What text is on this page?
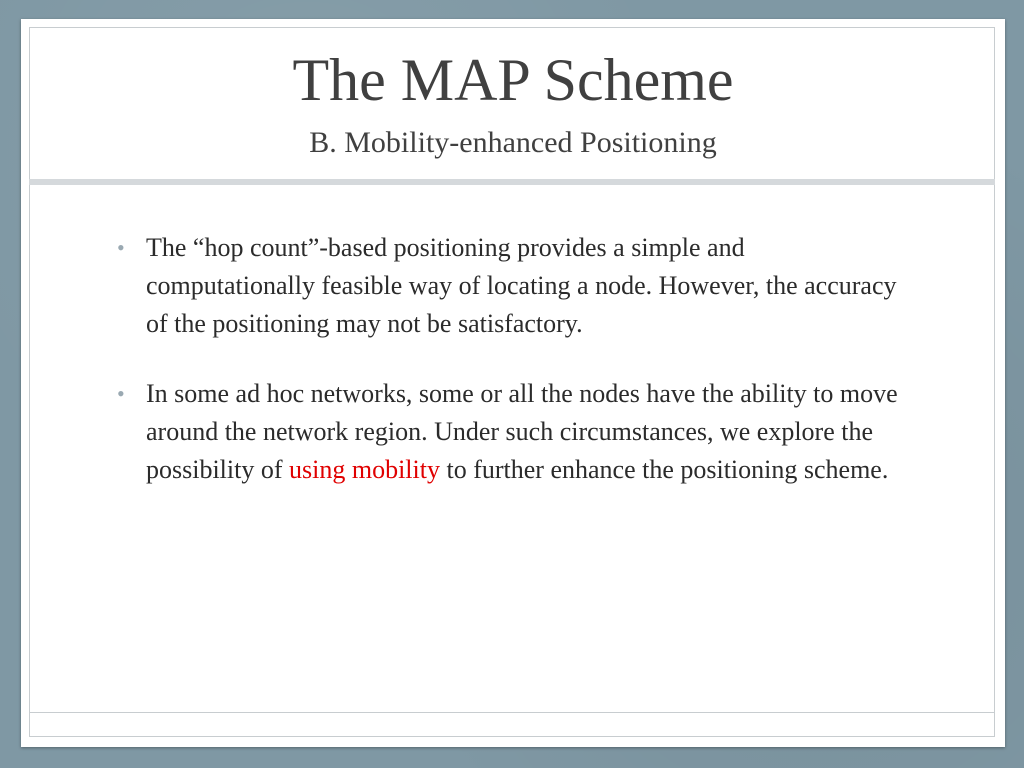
The MAP Scheme
B. Mobility-enhanced Positioning
• The “hop count”-based positioning provides a simple and computationally feasible way of locating a node. However, the accuracy of the positioning may not be satisfactory.
• In some ad hoc networks, some or all the nodes have the ability to move around the network region. Under such circumstances, we explore the possibility of using mobility to further enhance the positioning scheme.
